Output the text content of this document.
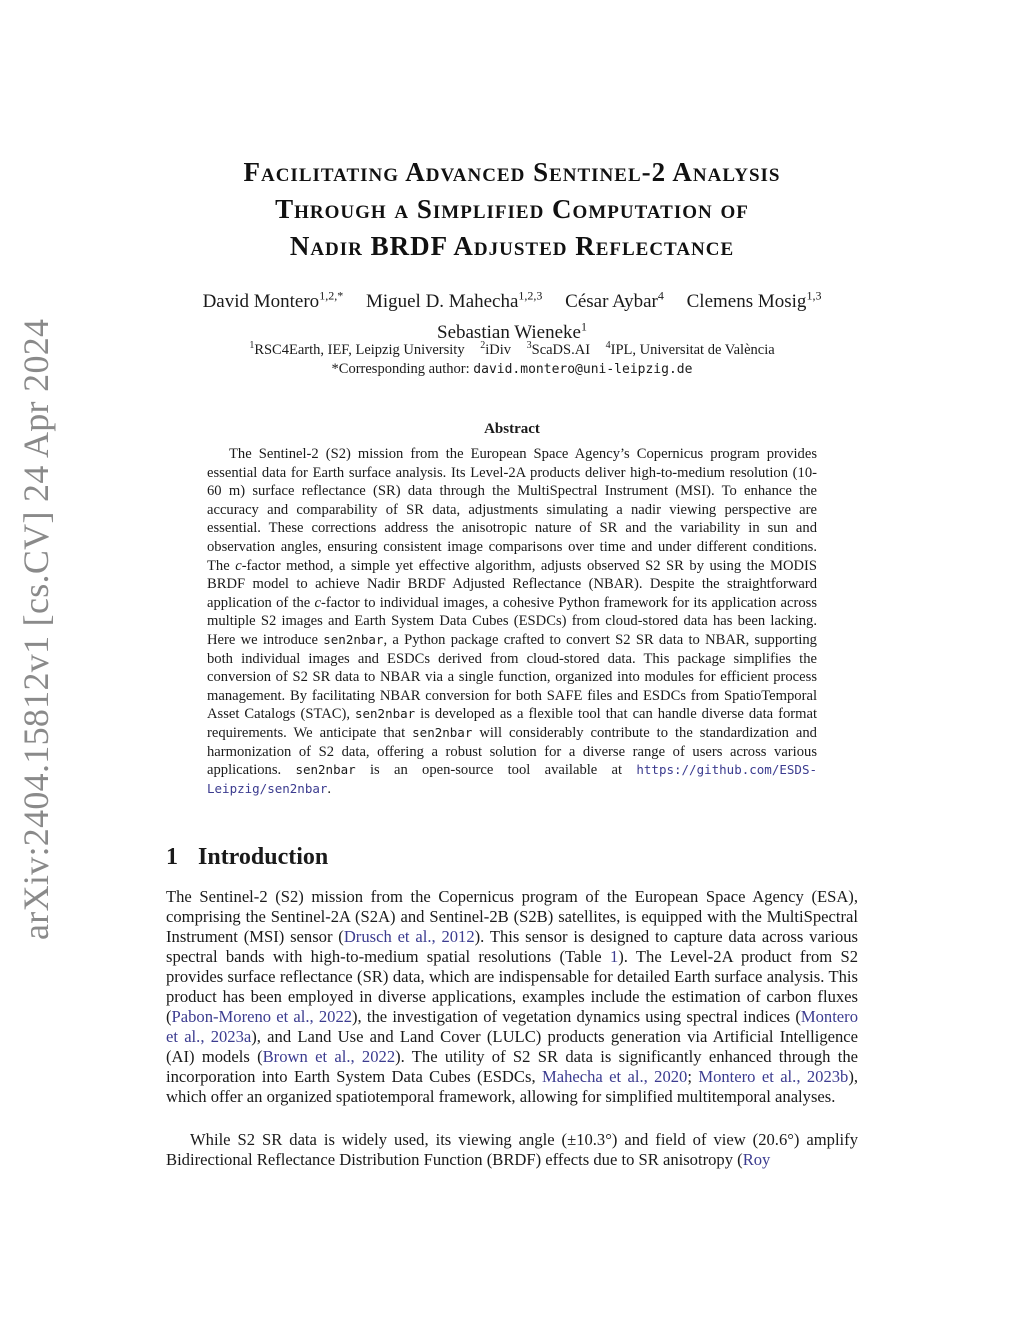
arXiv:2404.15812v1 [cs.CV] 24 Apr 2024
Facilitating Advanced Sentinel-2 Analysis
Through a Simplified Computation of
Nadir BRDF Adjusted Reflectance
David Montero$^{1,2,*}$ Miguel D. Mahecha$^{1,2,3}$ César Aybar$^4$ Clemens Mosig$^{1,3}$
Sebastian Wieneke$^1$
$^1$RSC4Earth, IEF, Leipzig University $^2$iDiv $^3$ScaDS.AI $^4$IPL, Universitat de València
*Corresponding author: david.montero@uni-leipzig.de
Abstract

The Sentinel-2 (S2) mission from the European Space Agency’s Copernicus program provides essential data for Earth surface analysis. Its Level-2A products deliver high-to-medium resolution (10-60 m) surface reflectance (SR) data through the MultiSpectral Instrument (MSI). To enhance the accuracy and comparability of SR data, adjustments simulating a nadir viewing perspective are essential. These corrections address the anisotropic nature of SR and the variability in sun and observation angles, ensuring consistent image comparisons over time and under different conditions. The c-factor method, a simple yet effective algorithm, adjusts observed S2 SR by using the MODIS BRDF model to achieve Nadir BRDF Adjusted Reflectance (NBAR). Despite the straightforward application of the c-factor to individual images, a cohesive Python framework for its application across multiple S2 images and Earth System Data Cubes (ESDCs) from cloud-stored data has been lacking. Here we introduce sen2nbar, a Python package crafted to convert S2 SR data to NBAR, supporting both individual images and ESDCs derived from cloud-stored data. This package simplifies the conversion of S2 SR data to NBAR via a single function, organized into modules for efficient process management. By facilitating NBAR conversion for both SAFE files and ESDCs from SpatioTemporal Asset Catalogs (STAC), sen2nbar is developed as a flexible tool that can handle diverse data format requirements. We anticipate that sen2nbar will considerably contribute to the standardization and harmonization of S2 data, offering a robust solution for a diverse range of users across various applications. sen2nbar is an open-source tool available at https://github.com/ESDS-Leipzig/sen2nbar.

1 Introduction

The Sentinel-2 (S2) mission from the Copernicus program of the European Space Agency (ESA), comprising the Sentinel-2A (S2A) and Sentinel-2B (S2B) satellites, is equipped with the MultiSpectral Instrument (MSI) sensor (Drusch et al., 2012). This sensor is designed to capture data across various spectral bands with high-to-medium spatial resolutions (Table 1). The Level-2A product from S2 provides surface reflectance (SR) data, which are indispensable for detailed Earth surface analysis. This product has been employed in diverse applications, examples include the estimation of carbon fluxes (Pabon-Moreno et al., 2022), the investigation of vegetation dynamics using spectral indices (Montero et al., 2023a), and Land Use and Land Cover (LULC) products generation via Artificial Intelligence (AI) models (Brown et al., 2022). The utility of S2 SR data is significantly enhanced through the incorporation into Earth System Data Cubes (ESDCs, Mahecha et al., 2020; Montero et al., 2023b), which offer an organized spatiotemporal framework, allowing for simplified multitemporal analyses.

While S2 SR data is widely used, its viewing angle (±10.3°) and field of view (20.6°) amplify Bidirectional Reflectance Distribution Function (BRDF) effects due to SR anisotropy (Roy
